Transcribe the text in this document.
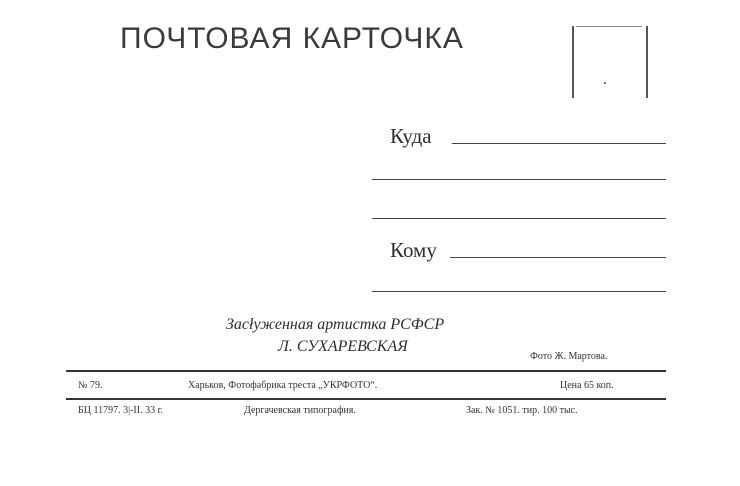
ПОЧТОВАЯ КАРТОЧКА
Куда
Кому
Засłуженная артистка РСФСР
Л. СУХАРЕВСКАЯ
Фото Ж. Мартова.
№ 79.	Харьков, Фотофабрика треста „УКРФОТО“.	Цена 65 коп.
БЦ 11797. 3|-II. 33 г.	Дергачевская типография.	Зак. № 1051. тир. 100 тыс.
